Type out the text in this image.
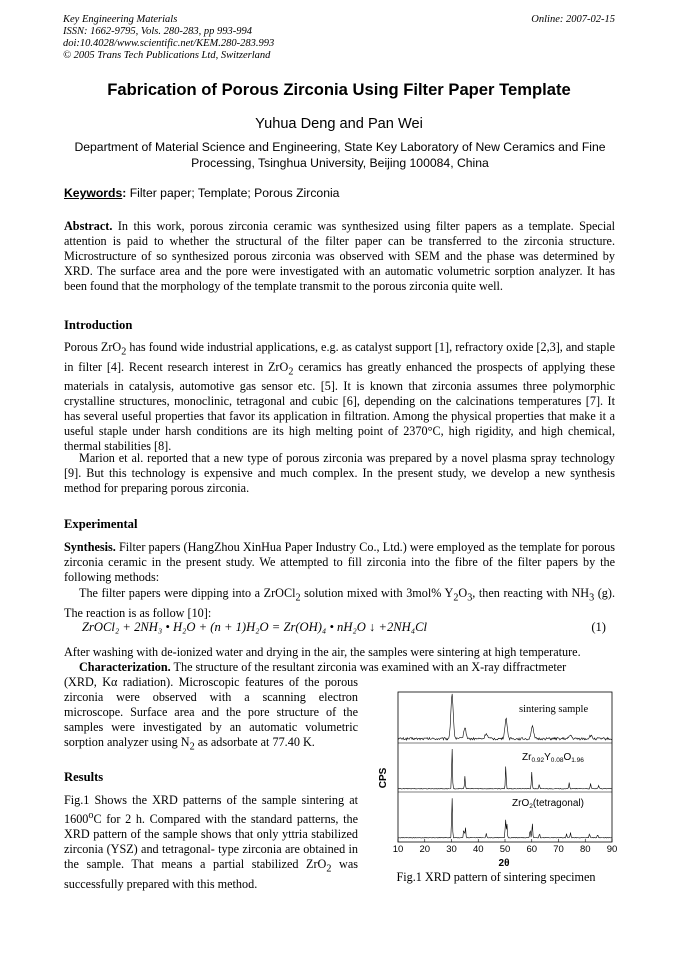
Key Engineering Materials
ISSN: 1662-9795, Vols. 280-283, pp 993-994
doi:10.4028/www.scientific.net/KEM.280-283.993
© 2005 Trans Tech Publications Ltd, Switzerland
Online: 2007-02-15
Fabrication of Porous Zirconia Using Filter Paper Template
Yuhua Deng and Pan Wei
Department of Material Science and Engineering, State Key Laboratory of New Ceramics and Fine Processing, Tsinghua University, Beijing 100084, China
Keywords: Filter paper; Template; Porous Zirconia
Abstract. In this work, porous zirconia ceramic was synthesized using filter papers as a template. Special attention is paid to whether the structural of the filter paper can be transferred to the zirconia structure. Microstructure of so synthesized porous zirconia was observed with SEM and the phase was determined by XRD. The surface area and the pore were investigated with an automatic volumetric sorption analyzer. It has been found that the morphology of the template transmit to the porous zirconia quite well.
Introduction
Porous ZrO$_2$ has found wide industrial applications, e.g. as catalyst support [1], refractory oxide [2,3], and staple in filter [4]. Recent research interest in ZrO$_2$ ceramics has greatly enhanced the prospects of applying these materials in catalysis, automotive gas sensor etc. [5]. It is known that zirconia assumes three polymorphic crystalline structures, monoclinic, tetragonal and cubic [6], depending on the calcinations temperatures [7]. It has several useful properties that favor its application in filtration. Among the physical properties that make it a useful staple under harsh conditions are its high melting point of 2370°C, high rigidity, and high chemical, thermal stabilities [8].
Marion et al. reported that a new type of porous zirconia was prepared by a novel plasma spray technology [9]. But this technology is expensive and much complex. In the present study, we develop a new synthesis method for preparing porous zirconia.
Experimental
Synthesis. Filter papers (HangZhou XinHua Paper Industry Co., Ltd.) were employed as the template for porous zirconia ceramic in the present study. We attempted to fill zirconia into the fibre of the filter papers by the following methods:
The filter papers were dipping into a ZrOCl$_2$ solution mixed with 3mol% $Y_2O_3$, then reacting with $NH_3$ (g). The reaction is as follow [10]:
ZrOCl₂ + 2NH₃ • H₂O + (n + 1)H₂O = Zr(OH)₄ • nH₂O ↓ +2NH₄Cl	(1)
After washing with de-ionized water and drying in the air, the samples were sintering at high temperature.
Characterization. The structure of the resultant zirconia was examined with an X-ray diffractmeter
(XRD, Kα radiation). Microscopic features of the porous zirconia were observed with a scanning electron microscope. Surface area and the pore structure of the samples were investigated by an automatic volumetric sorption analyzer using $N_2$ as adsorbate at 77.40 K.
Results
Fig.1 Shows the XRD patterns of the sample sintering at 1600$^o$C for 2 h. Compared with the standard patterns, the XRD pattern of the sample shows that only yttria stabilized zirconia (YSZ) and tetragonal- type zirconia are obtained in the sample. That means a partial stabilized ZrO$_2$ was successfully prepared with this method.
10 20 30 40 50 60 70 80 90
CPS
2θ
sintering sample
$Zr_{0.92}Y_{0.08}O_{1.96}$
ZrO$_2$(tetragonal)
Fig.1 XRD pattern of sintering specimen
